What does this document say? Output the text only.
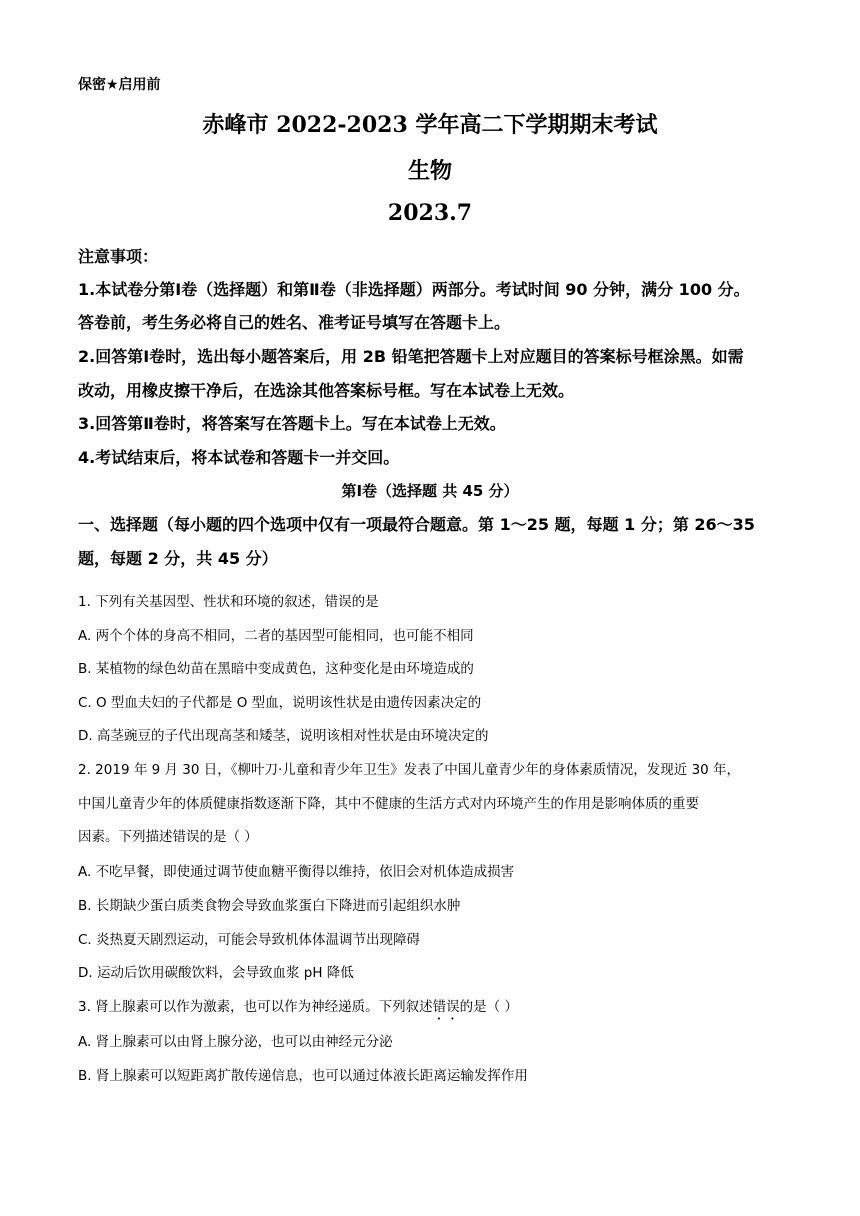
保密★启用前
赤峰市 2022-2023 学年高二下学期期末考试
生物
2023.7
注意事项：
1.本试卷分第Ⅰ卷（选择题）和第Ⅱ卷（非选择题）两部分。考试时间 90 分钟，满分 100 分。
答卷前，考生务必将自己的姓名、准考证号填写在答题卡上。
2.回答第Ⅰ卷时，选出每小题答案后，用 2B 铅笔把答题卡上对应题目的答案标号框涂黑。如需
改动，用橡皮擦干净后，在选涂其他答案标号框。写在本试卷上无效。
3.回答第Ⅱ卷时，将答案写在答题卡上。写在本试卷上无效。
4.考试结束后，将本试卷和答题卡一并交回。
第Ⅰ卷（选择题 共 45 分）
一、选择题（每小题的四个选项中仅有一项最符合题意。第 1～25 题，每题 1 分；第 26～35
题，每题 2 分，共 45 分）
1. 下列有关基因型、性状和环境的叙述，错误的是
A. 两个个体的身高不相同，二者的基因型可能相同，也可能不相同
B. 某植物的绿色幼苗在黑暗中变成黄色，这种变化是由环境造成的
C. O 型血夫妇的子代都是 O 型血，说明该性状是由遗传因素决定的
D. 高茎豌豆的子代出现高茎和矮茎，说明该相对性状是由环境决定的
2. 2019 年 9 月 30 日，《柳叶刀·儿童和青少年卫生》发表了中国儿童青少年的身体素质情况，发现近 30 年，
中国儿童青少年的体质健康指数逐渐下降，其中不健康的生活方式对内环境产生的作用是影响体质的重要
因素。下列描述错误的是（ ）
A. 不吃早餐，即使通过调节使血糖平衡得以维持，依旧会对机体造成损害
B. 长期缺少蛋白质类食物会导致血浆蛋白下降进而引起组织水肿
C. 炎热夏天剧烈运动，可能会导致机体体温调节出现障碍
D. 运动后饮用碳酸饮料，会导致血浆 pH 降低
3. 肾上腺素可以作为激素，也可以作为神经递质。下列叙述错误的是（ ）
A. 肾上腺素可以由肾上腺分泌，也可以由神经元分泌
B. 肾上腺素可以短距离扩散传递信息，也可以通过体液长距离运输发挥作用
